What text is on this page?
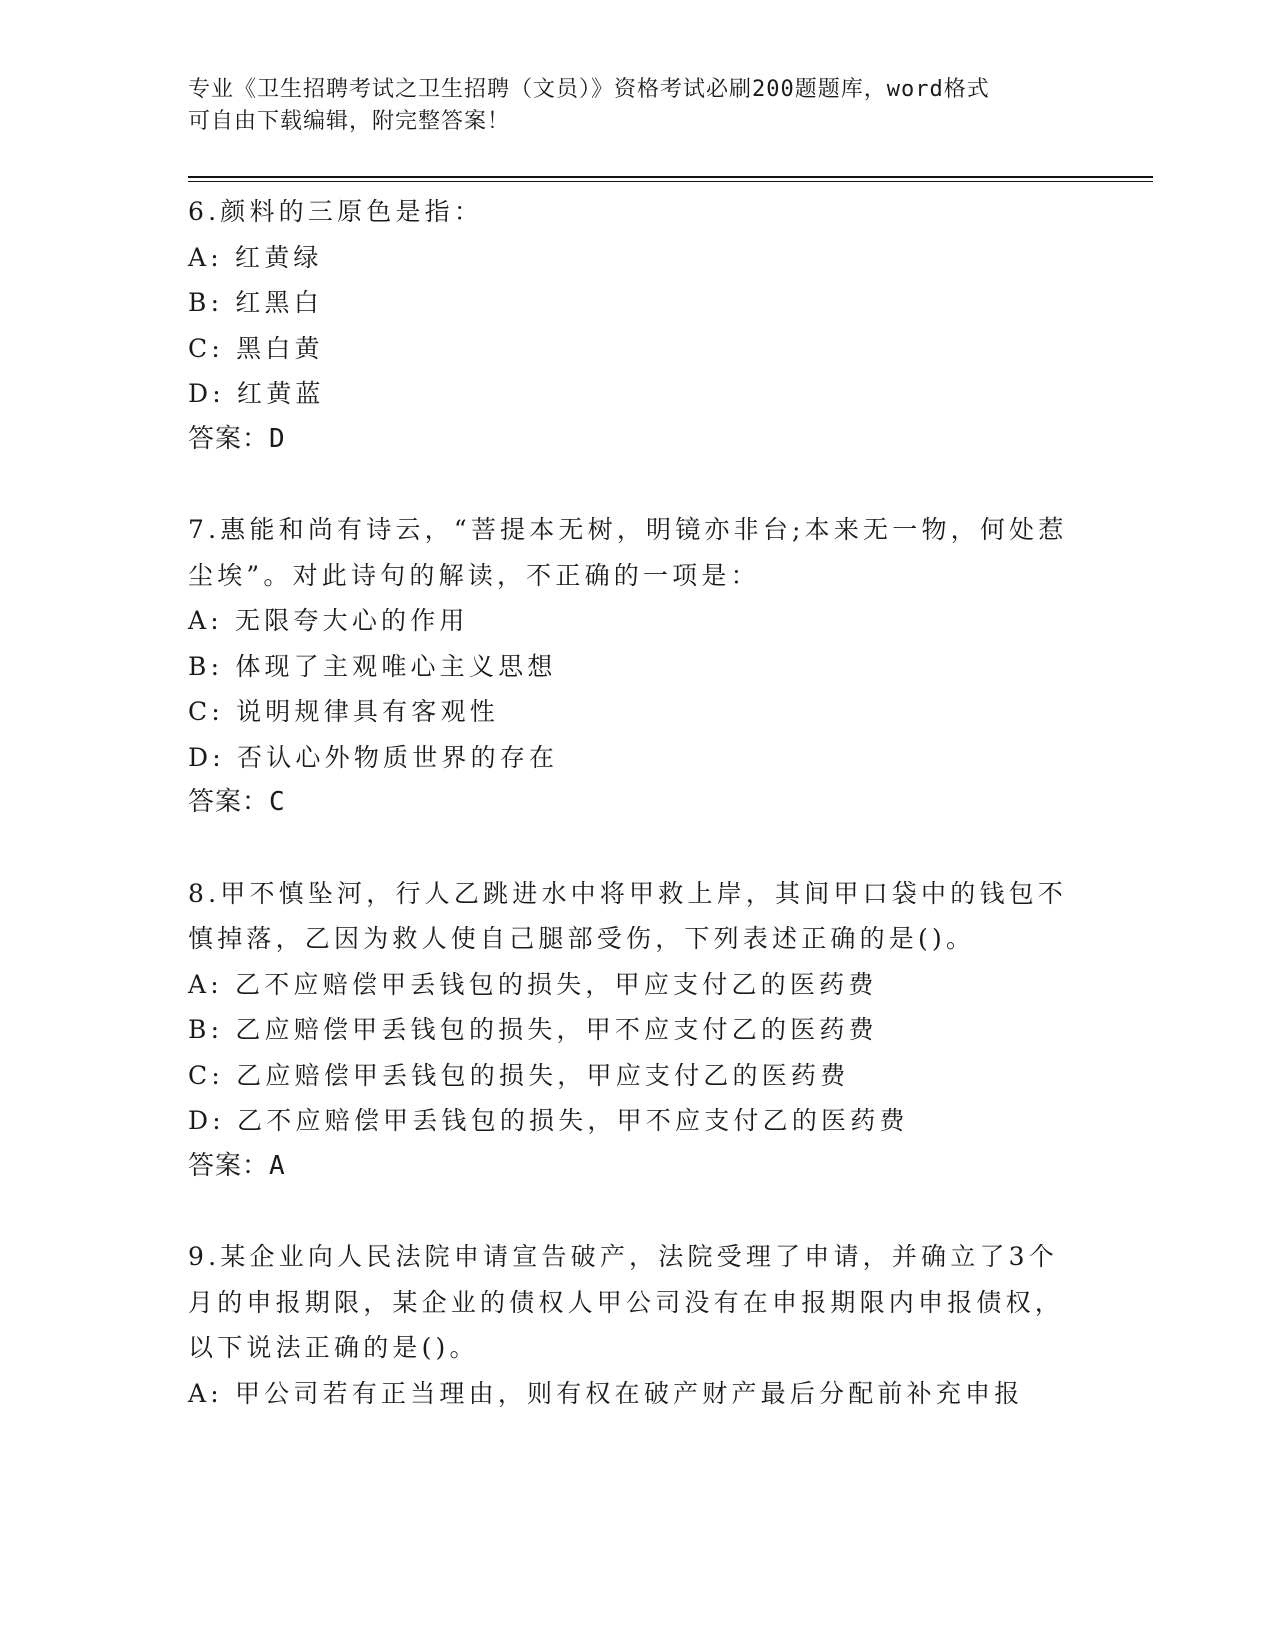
专业《卫生招聘考试之卫生招聘（文员）》资格考试必刷200题题库，word格式
可自由下载编辑，附完整答案！

6.颜料的三原色是指：

A: 红黄绿

B: 红黑白

C: 黑白黄

D: 红黄蓝

答案：D

7.惠能和尚有诗云，“菩提本无树，明镜亦非台;本来无一物，何处惹

尘埃”。对此诗句的解读，不正确的一项是：

A: 无限夸大心的作用

B: 体现了主观唯心主义思想

C: 说明规律具有客观性

D: 否认心外物质世界的存在

答案：C

8.甲不慎坠河，行人乙跳进水中将甲救上岸，其间甲口袋中的钱包不

慎掉落，乙因为救人使自己腿部受伤，下列表述正确的是()。

A: 乙不应赔偿甲丢钱包的损失，甲应支付乙的医药费

B: 乙应赔偿甲丢钱包的损失，甲不应支付乙的医药费

C: 乙应赔偿甲丢钱包的损失，甲应支付乙的医药费

D: 乙不应赔偿甲丢钱包的损失，甲不应支付乙的医药费

答案：A

9.某企业向人民法院申请宣告破产，法院受理了申请，并确立了3个

月的申报期限，某企业的债权人甲公司没有在申报期限内申报债权，

以下说法正确的是()。

A: 甲公司若有正当理由，则有权在破产财产最后分配前补充申报
